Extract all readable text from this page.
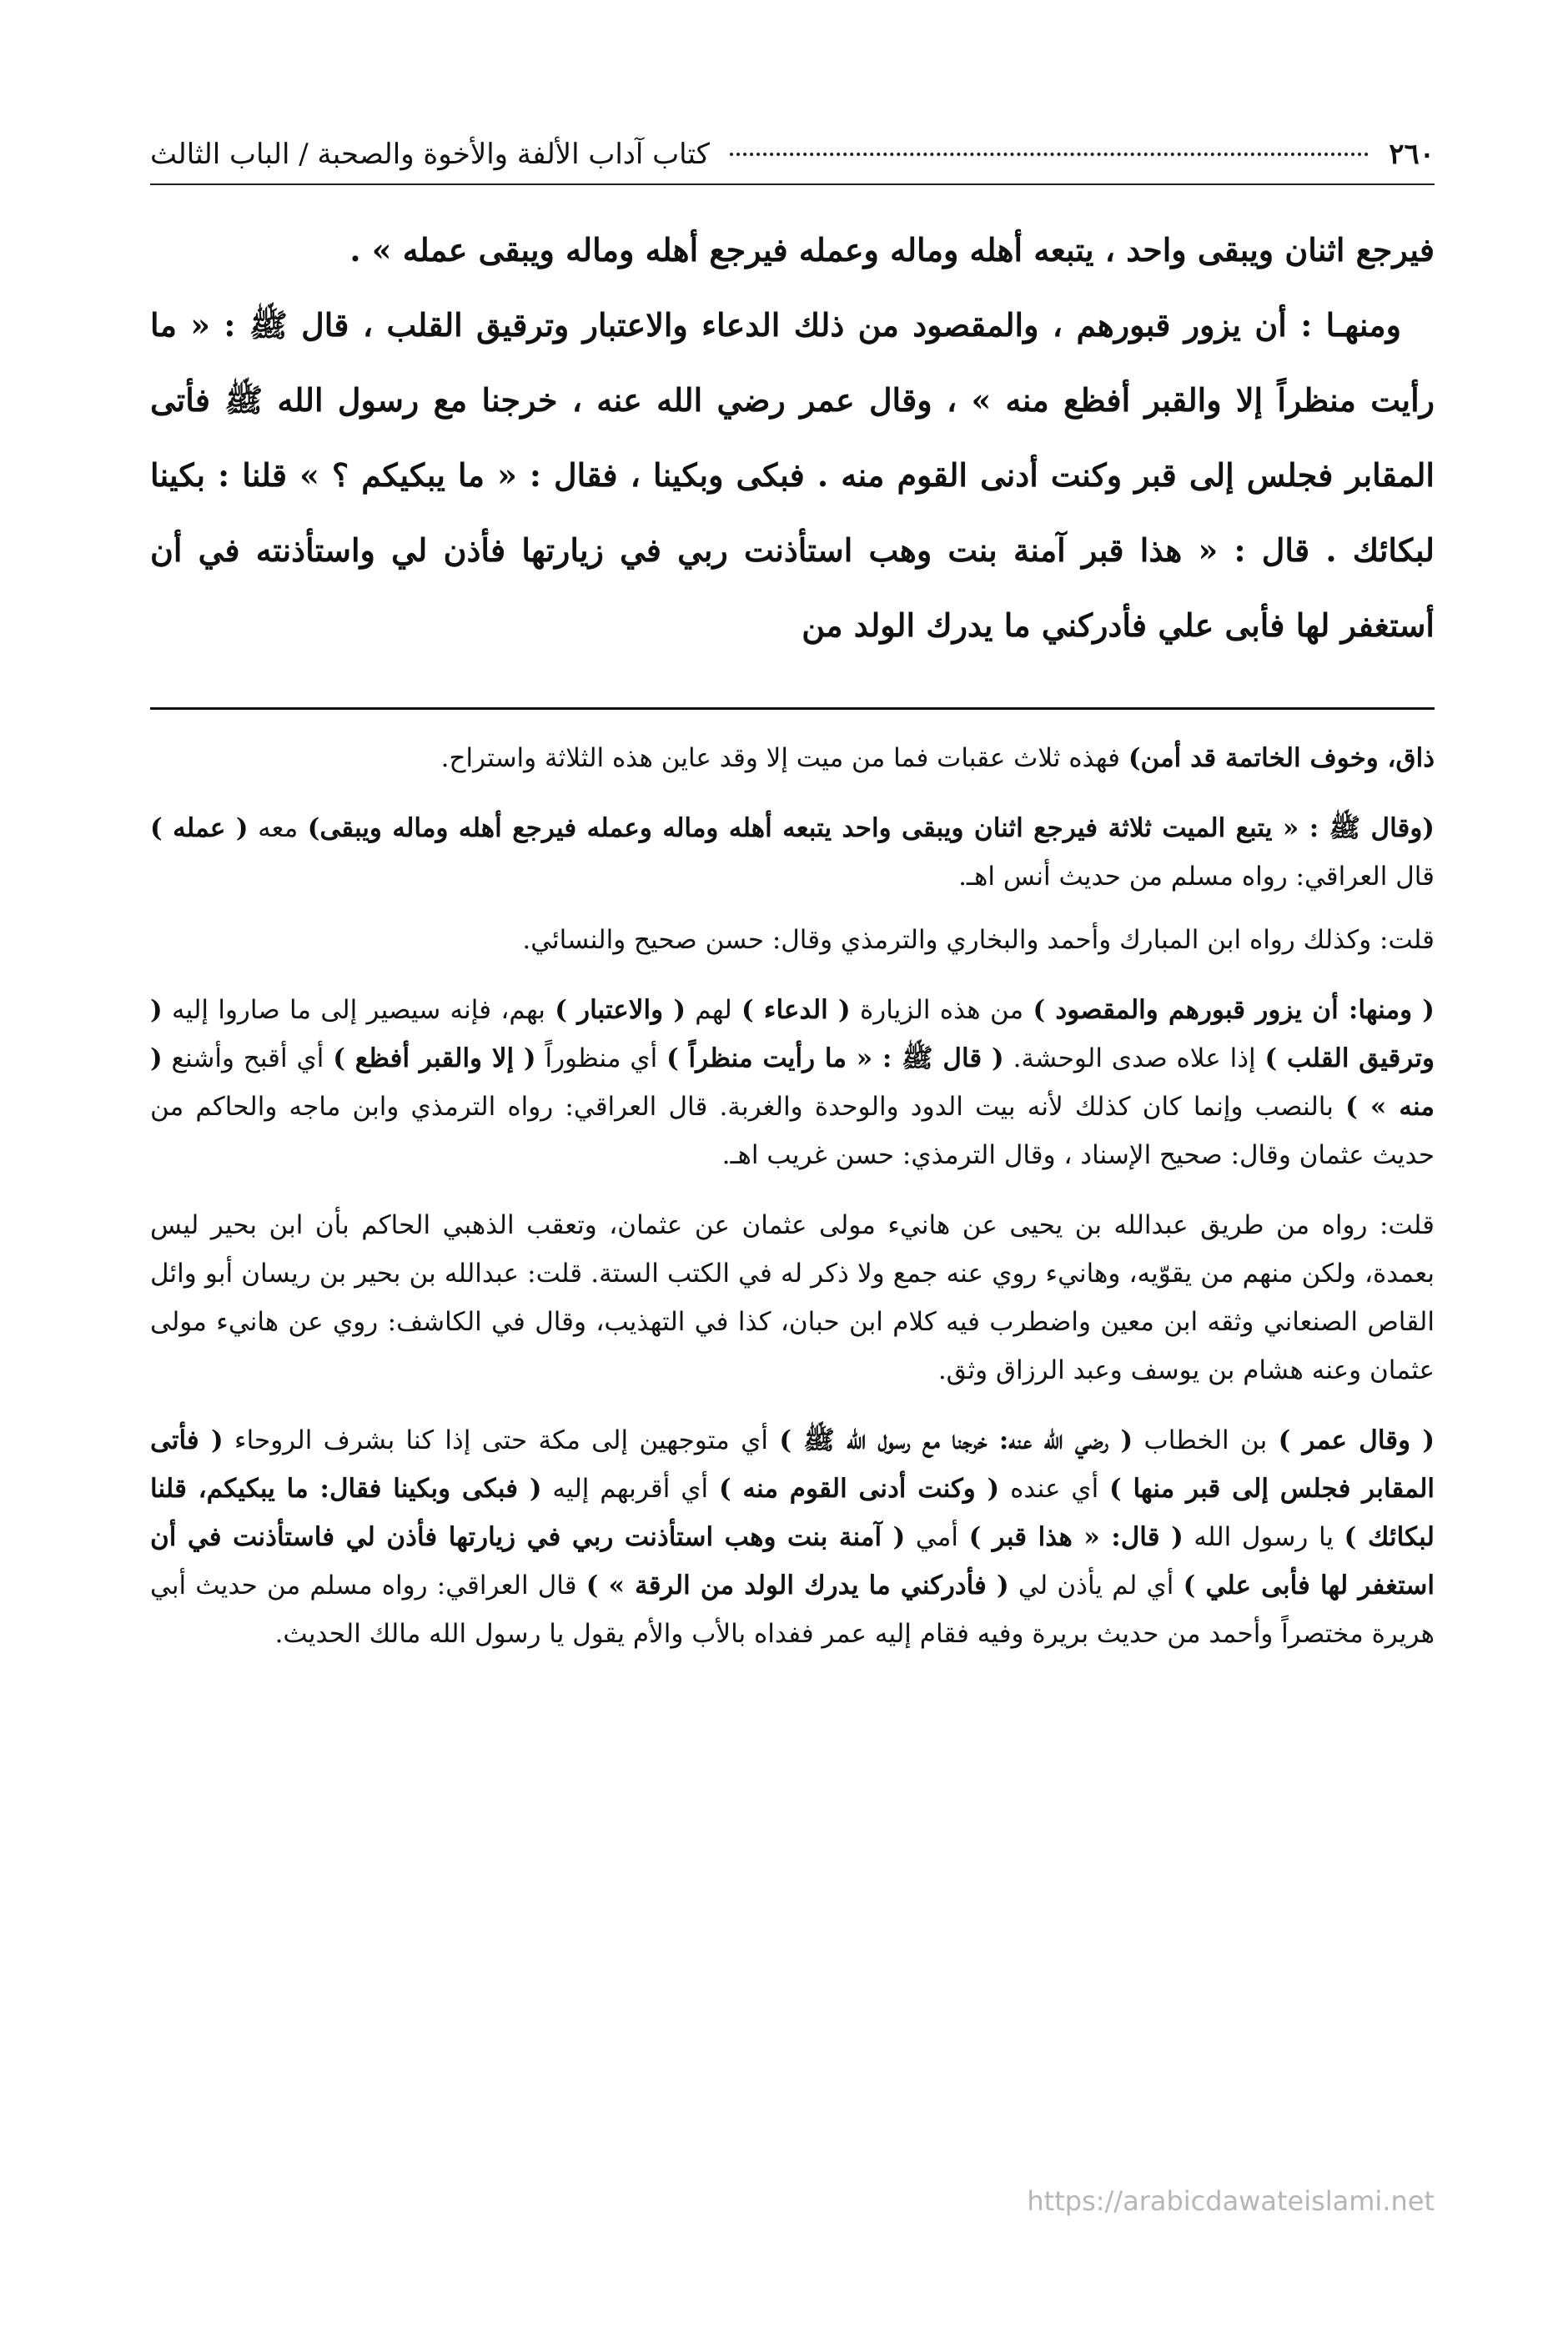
٢٦٠
كتاب آداب الألفة والأخوة والصحبة / الباب الثالث

فيرجع اثنان ويبقى واحد ، يتبعه أهله وماله وعمله فيرجع أهله وماله ويبقى عمله » .

ومنهـا : أن يزور قبورهم ، والمقصود من ذلك الدعاء والاعتبار وترقيق القلب ، قال ﷺ : « ما رأيت منظراً إلا والقبر أفظع منه » ، وقال عمر رضي الله عنه ، خرجنا مع رسول الله ﷺ فأتى المقابر فجلس إلى قبر وكنت أدنى القوم منه . فبكى وبكينا ، فقال : « ما يبكيكم ؟ » قلنا : بكينا لبكائك . قال : « هذا قبر آمنة بنت وهب استأذنت ربي في زيارتها فأذن لي واستأذنته في أن أستغفر لها فأبى علي فأدركني ما يدرك الولد من

ذاق، وخوف الخاتمة قد أمن) فهذه ثلاث عقبات فما من ميت إلا وقد عاين هذه الثلاثة واستراح.

(وقال ﷺ : « يتبع الميت ثلاثة فيرجع اثنان ويبقى واحد يتبعه أهله وماله وعمله فيرجع أهله وماله ويبقى) معه ( عمله ) قال العراقي: رواه مسلم من حديث أنس اهـ.

قلت: وكذلك رواه ابن المبارك وأحمد والبخاري والترمذي وقال: حسن صحيح والنسائي.

( ومنها: أن يزور قبورهم والمقصود ) من هذه الزيارة ( الدعاء ) لهم ( والاعتبار ) بهم، فإنه سيصير إلى ما صاروا إليه ( وترقيق القلب ) إذا علاه صدى الوحشة. ( قال ﷺ : « ما رأيت منظراً ) أي منظوراً ( إلا والقبر أفظع ) أي أقبح وأشنع ( منه » ) بالنصب وإنما كان كذلك لأنه بيت الدود والوحدة والغربة. قال العراقي: رواه الترمذي وابن ماجه والحاكم من حديث عثمان وقال: صحيح الإسناد ، وقال الترمذي: حسن غريب اهـ.

قلت: رواه من طريق عبدالله بن يحيى عن هانيء مولى عثمان عن عثمان، وتعقب الذهبي الحاكم بأن ابن بحير ليس بعمدة، ولكن منهم من يقوّيه، وهانيء روي عنه جمع ولا ذكر له في الكتب الستة. قلت: عبدالله بن بحير بن ريسان أبو وائل القاص الصنعاني وثقه ابن معين واضطرب فيه كلام ابن حبان، كذا في التهذيب، وقال في الكاشف: روي عن هانيء مولى عثمان وعنه هشام بن يوسف وعبد الرزاق وثق.

( وقال عمر ) بن الخطاب ( رضي الله عنه: خرجنا مع رسول الله ﷺ ) أي متوجهين إلى مكة حتى إذا كنا بشرف الروحاء ( فأتى المقابر فجلس إلى قبر منها ) أي عنده ( وكنت أدنى القوم منه ) أي أقربهم إليه ( فبكى وبكينا فقال: ما يبكيكم، قلنا لبكائك ) يا رسول الله ( قال: « هذا قبر ) أمي ( آمنة بنت وهب استأذنت ربي في زيارتها فأذن لي فاستأذنت في أن استغفر لها فأبى علي ) أي لم يأذن لي ( فأدركني ما يدرك الولد من الرقة » ) قال العراقي: رواه مسلم من حديث أبي هريرة مختصراً وأحمد من حديث بريرة وفيه فقام إليه عمر ففداه بالأب والأم يقول يا رسول الله مالك الحديث.

https://arabicdawateislami.net
